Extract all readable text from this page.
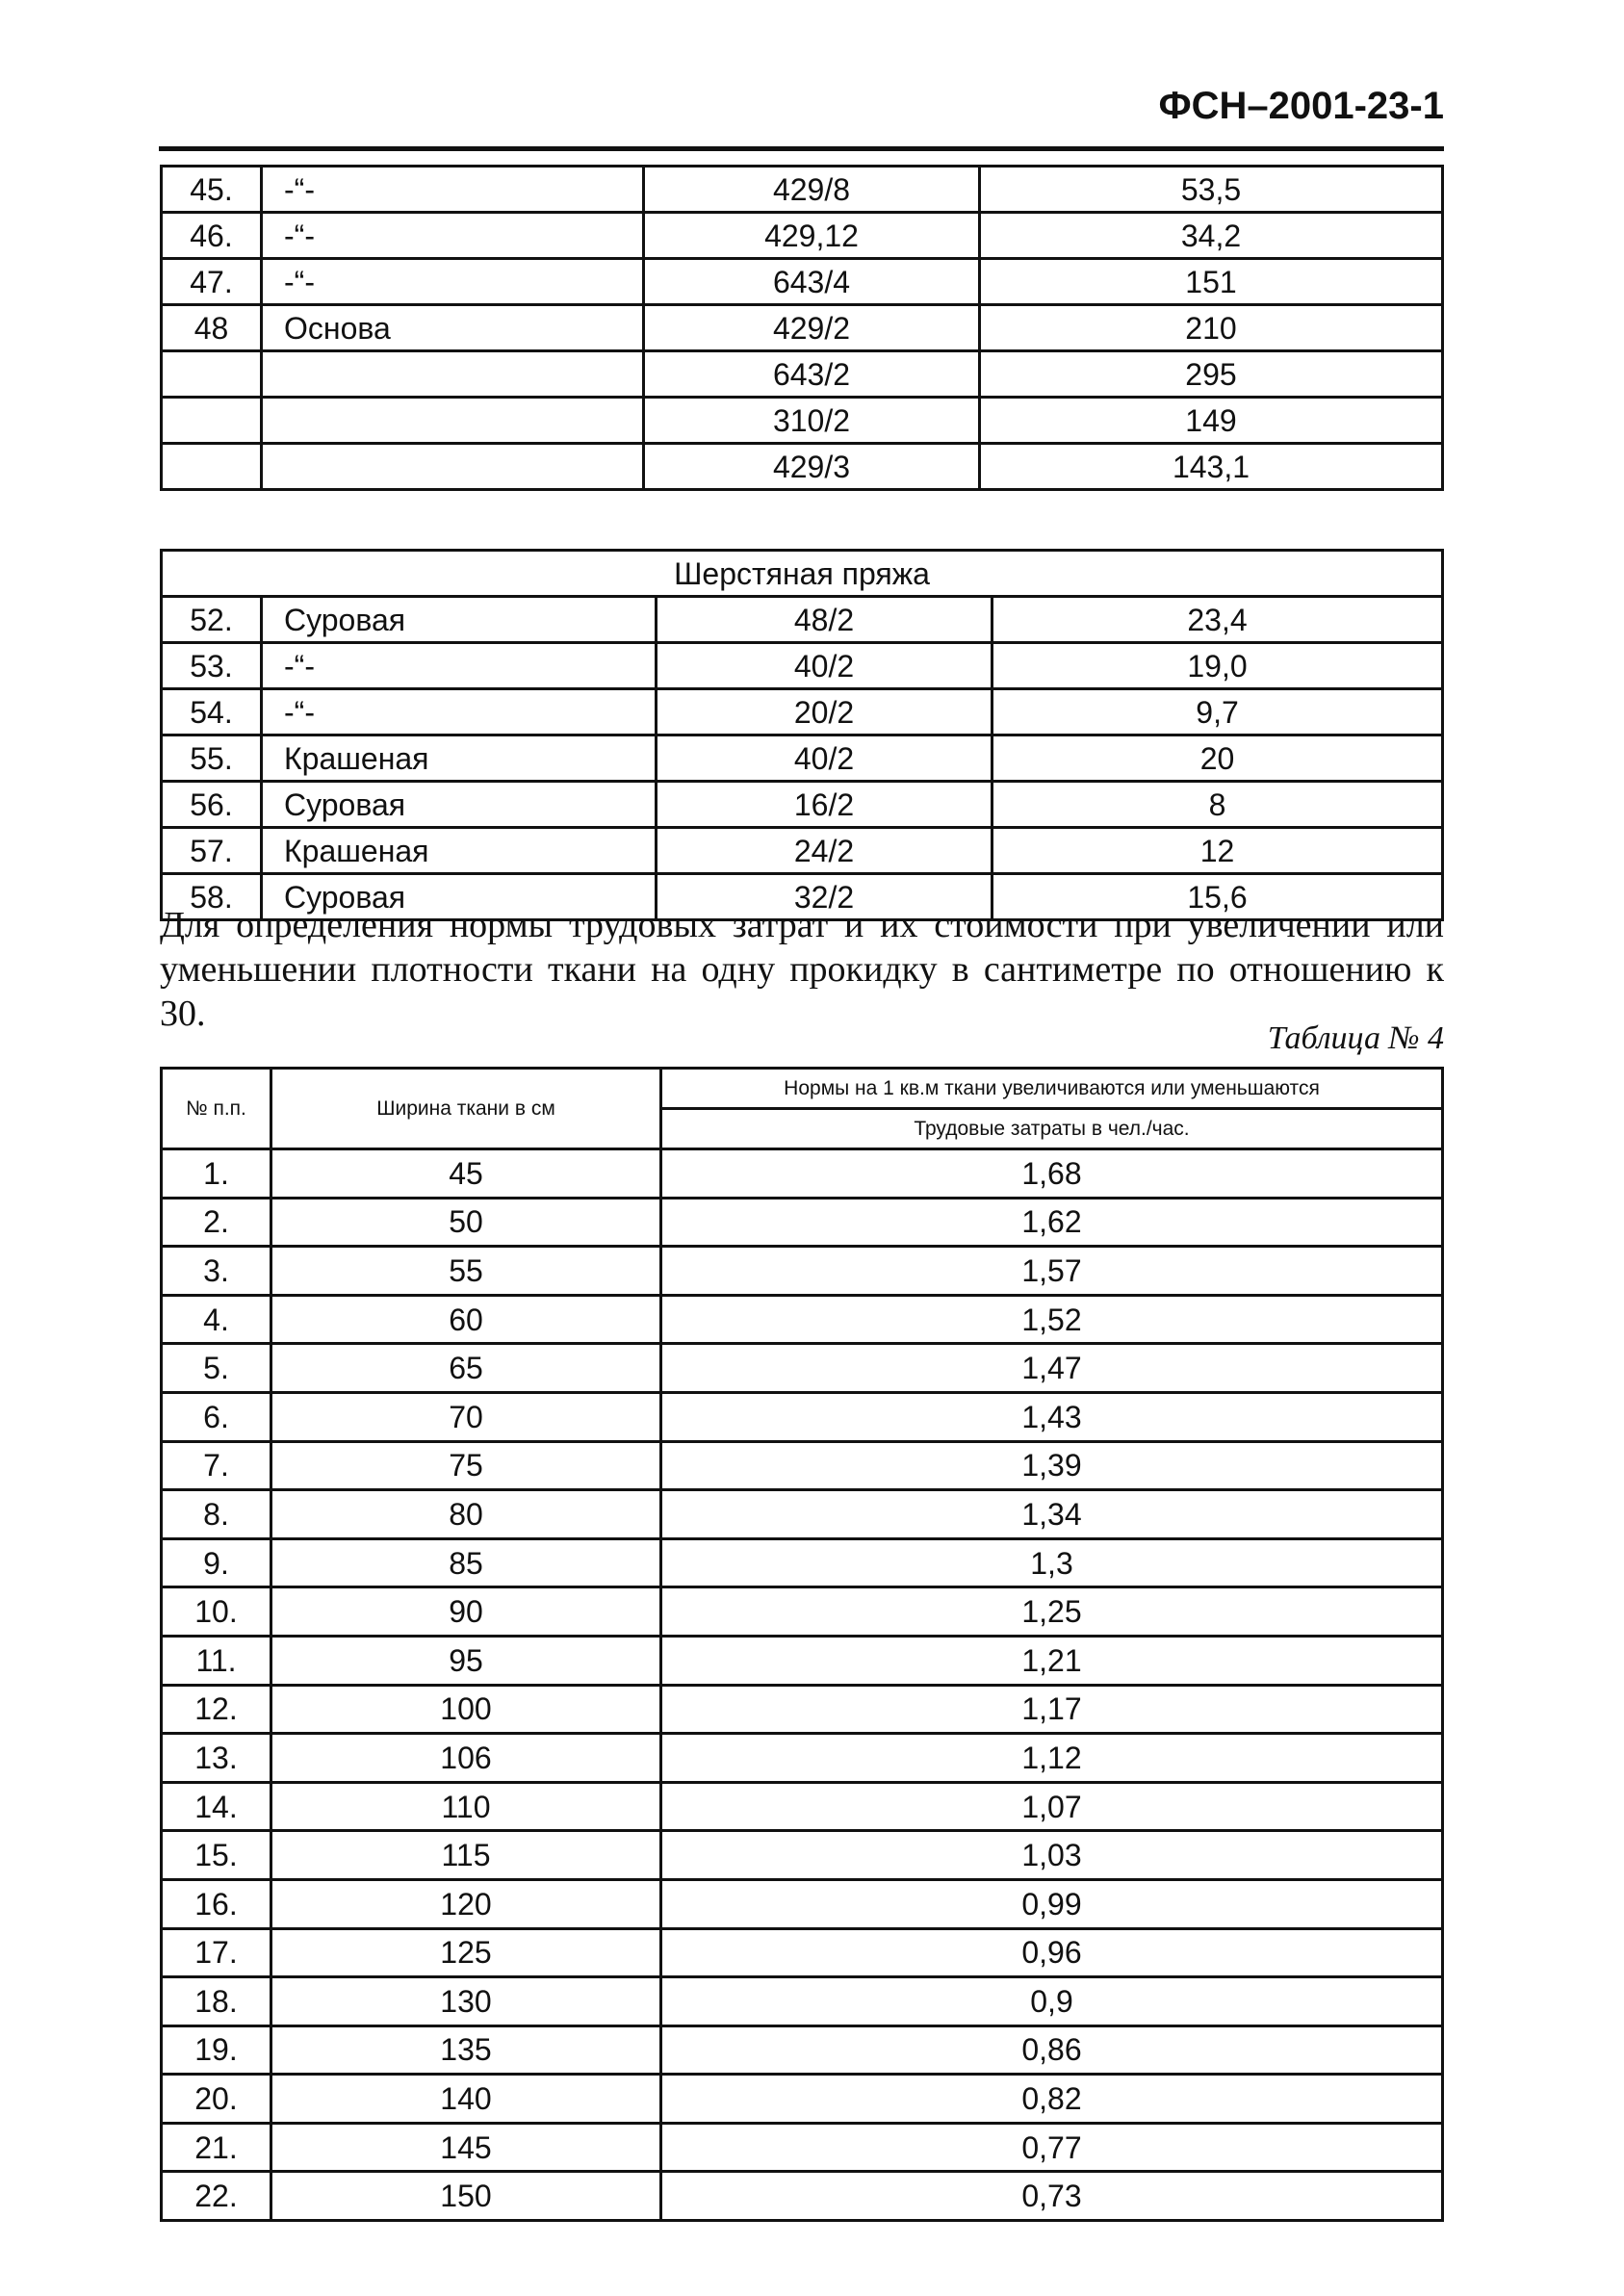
ФСН–2001-23-1
45.	-“-	429/8	53,5
46.	-“-	429,12	34,2
47.	-“-	643/4	151
48	Основа	429/2	210
		643/2	295
		310/2	149
		429/3	143,1
Шерстяная пряжа			
52.	Суровая	48/2	23,4
53.	-“-	40/2	19,0
54.	-“-	20/2	9,7
55.	Крашеная	40/2	20
56.	Суровая	16/2	8
57.	Крашеная	24/2	12
58.	Суровая	32/2	15,6
Для определения нормы трудовых затрат и их стоимости при увеличении или уменьшении плотности ткани на одну прокидку в сантиметре по отношению к 30.
Таблица № 4
№ п.п.	Ширина ткани в см	Нормы на 1 кв.м ткани увеличиваются или уменьшаются
		Трудовые затраты в чел./час.
1.	45	1,68
2.	50	1,62
3.	55	1,57
4.	60	1,52
5.	65	1,47
6.	70	1,43
7.	75	1,39
8.	80	1,34
9.	85	1,3
10.	90	1,25
11.	95	1,21
12.	100	1,17
13.	106	1,12
14.	110	1,07
15.	115	1,03
16.	120	0,99
17.	125	0,96
18.	130	0,9
19.	135	0,86
20.	140	0,82
21.	145	0,77
22.	150	0,73
